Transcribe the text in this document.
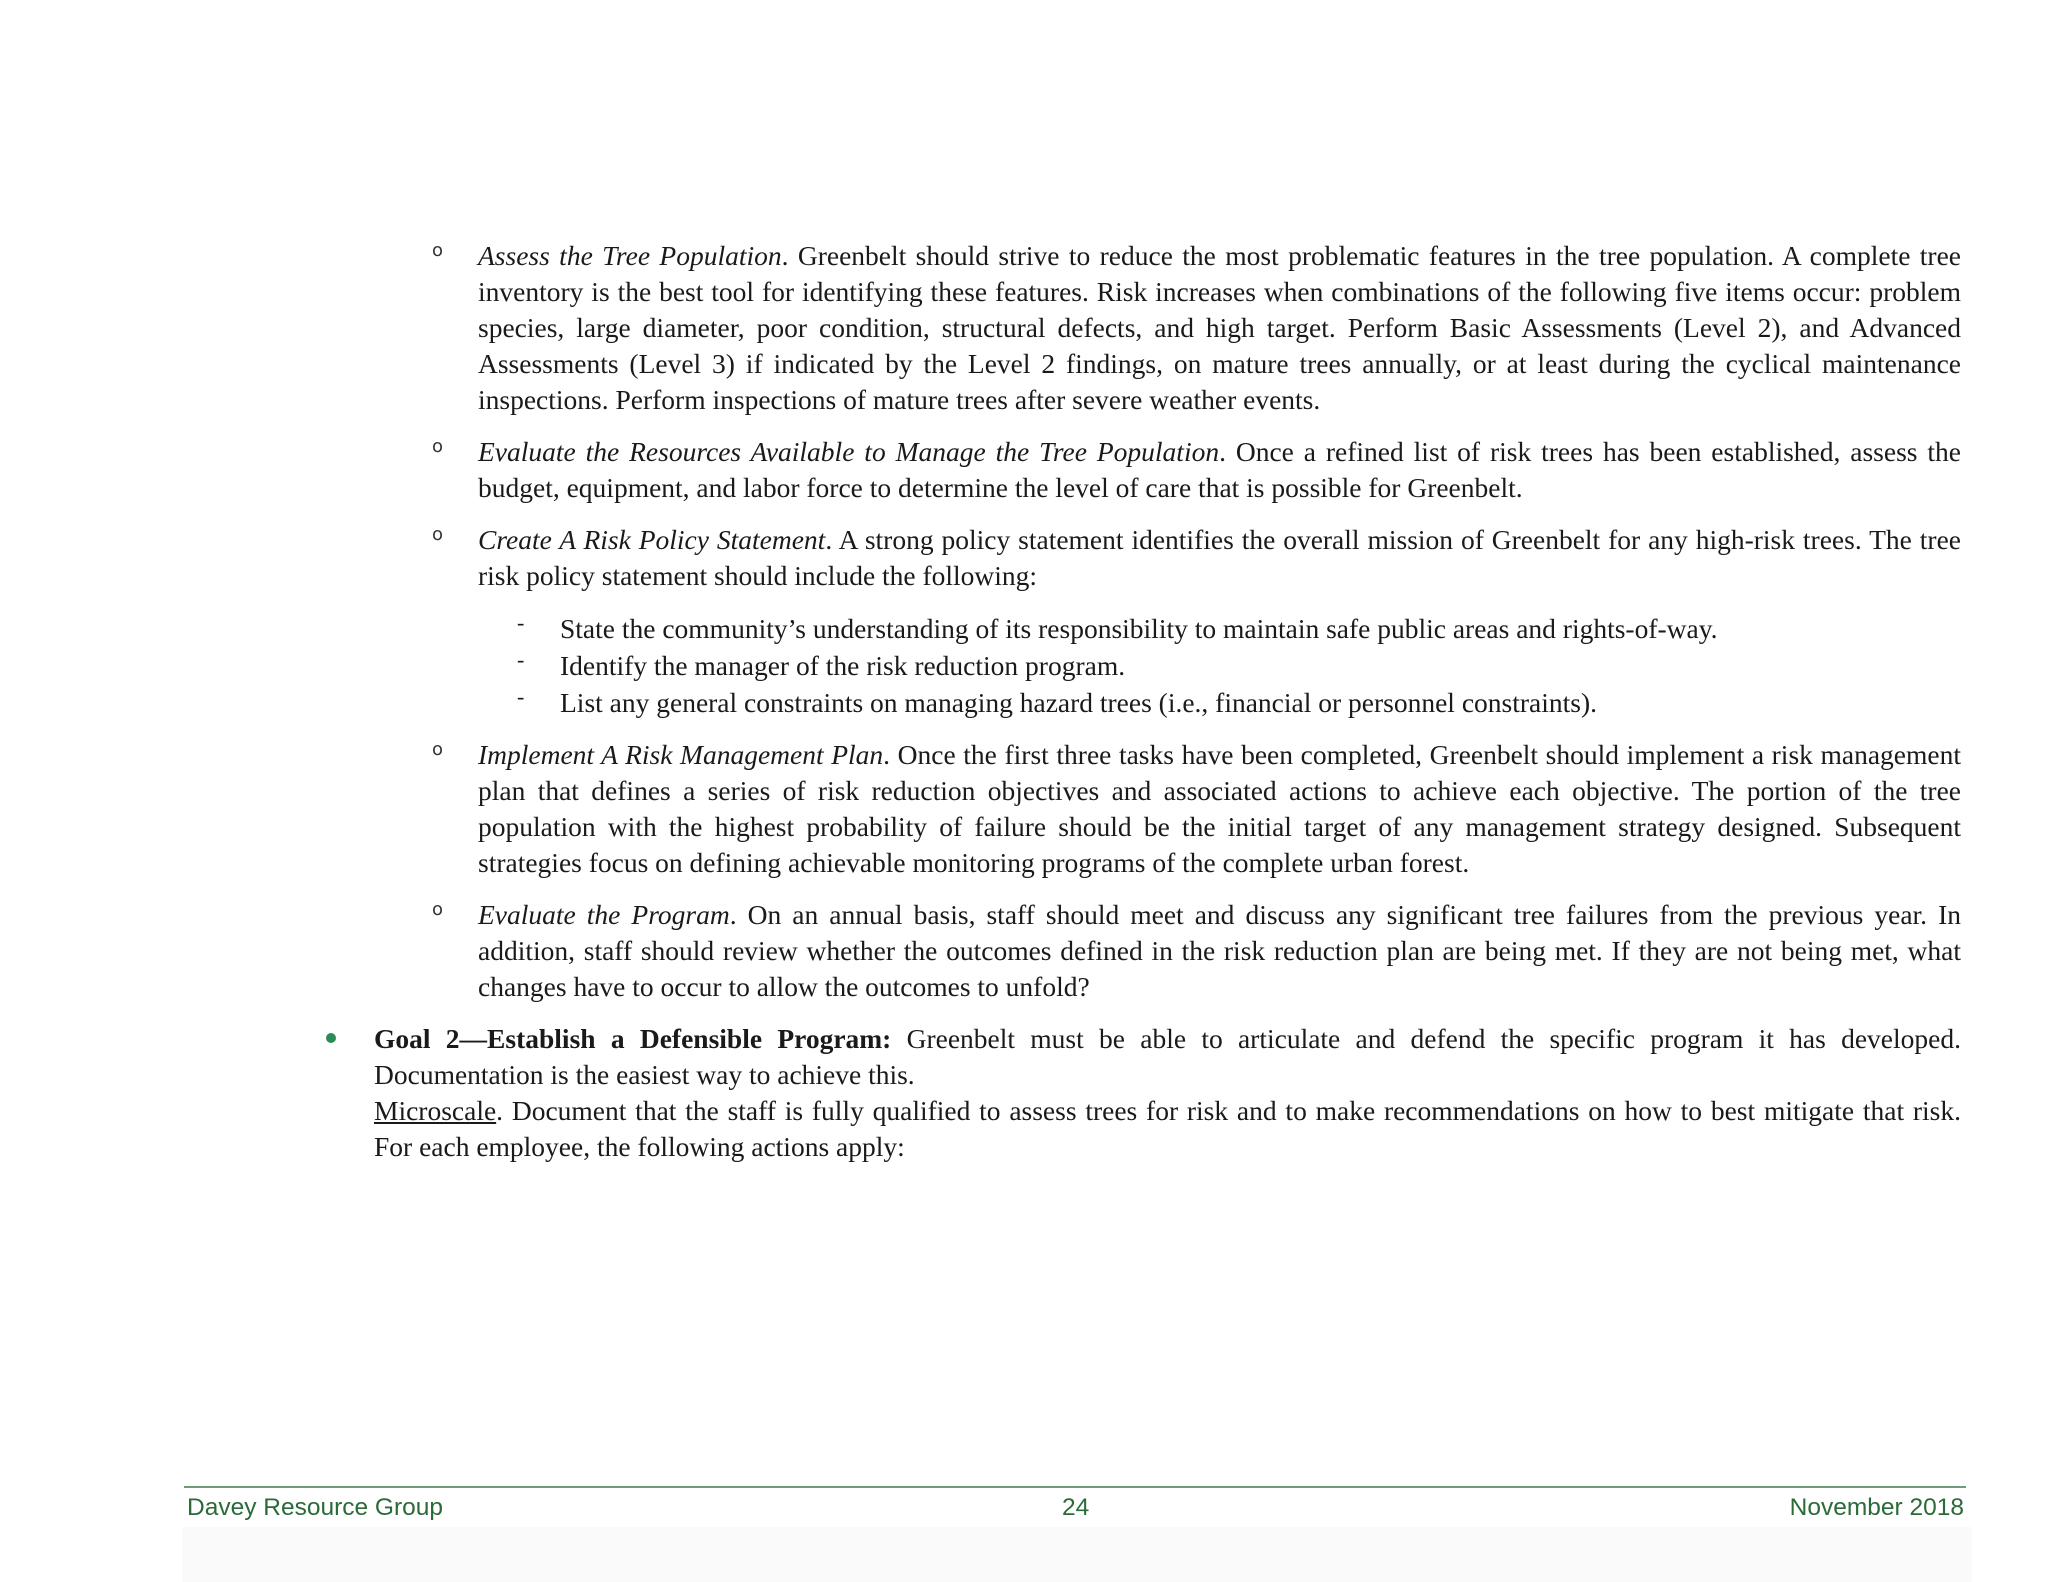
o Assess the Tree Population. Greenbelt should strive to reduce the most problematic features in the tree population. A complete tree inventory is the best tool for identifying these features. Risk increases when combinations of the following five items occur: problem species, large diameter, poor condition, structural defects, and high target. Perform Basic Assessments (Level 2), and Advanced Assessments (Level 3) if indicated by the Level 2 findings, on mature trees annually, or at least during the cyclical maintenance inspections. Perform inspections of mature trees after severe weather events.

o Evaluate the Resources Available to Manage the Tree Population. Once a refined list of risk trees has been established, assess the budget, equipment, and labor force to determine the level of care that is possible for Greenbelt.

o Create A Risk Policy Statement. A strong policy statement identifies the overall mission of Greenbelt for any high-risk trees. The tree risk policy statement should include the following:

- State the community’s understanding of its responsibility to maintain safe public areas and rights-of-way.
- Identify the manager of the risk reduction program.
- List any general constraints on managing hazard trees (i.e., financial or personnel constraints).
o Implement A Risk Management Plan. Once the first three tasks have been completed, Greenbelt should implement a risk management plan that defines a series of risk reduction objectives and associated actions to achieve each objective. The portion of the tree population with the highest probability of failure should be the initial target of any management strategy designed. Subsequent strategies focus on defining achievable monitoring programs of the complete urban forest.

o Evaluate the Program. On an annual basis, staff should meet and discuss any significant tree failures from the previous year. In addition, staff should review whether the outcomes defined in the risk reduction plan are being met. If they are not being met, what changes have to occur to allow the outcomes to unfold?

Goal 2—Establish a Defensible Program: Greenbelt must be able to articulate and defend the specific program it has developed. Documentation is the easiest way to achieve this.

Microscale. Document that the staff is fully qualified to assess trees for risk and to make recommendations on how to best mitigate that risk. For each employee, the following actions apply:

Davey Resource Group	24	November 2018
